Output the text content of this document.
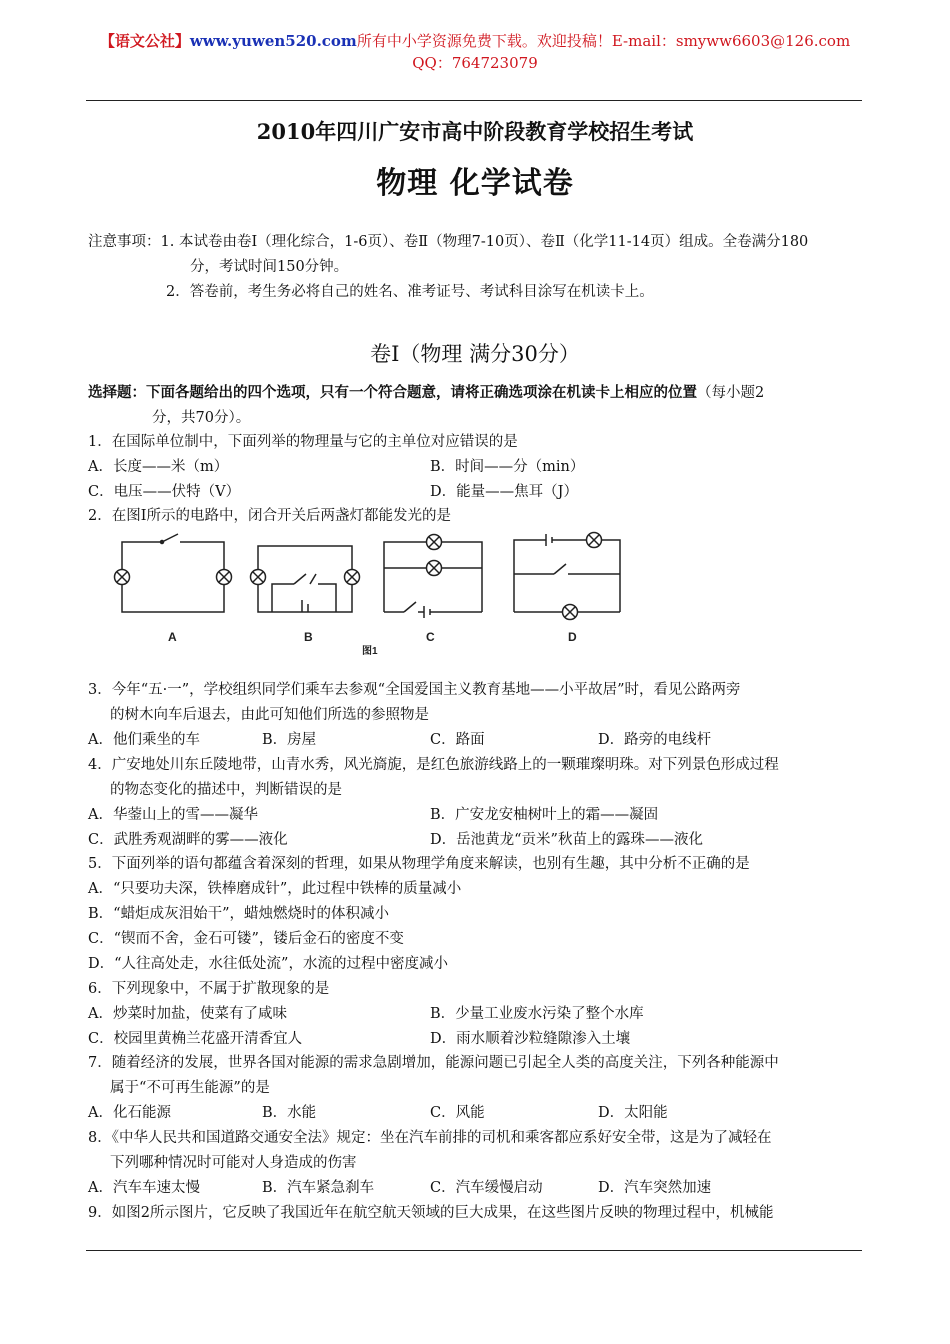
【语文公社】www.yuwen520.com所有中小学资源免费下载。欢迎投稿！E-mail：smyww6603@126.com
QQ：764723079
2010年四川广安市高中阶段教育学校招生考试
物理 化学试卷
注意事项：1. 本试卷由卷Ⅰ（理化综合，1-6页）、卷Ⅱ（物理7-10页）、卷Ⅱ（化学11-14页）组成。全卷满分180
分，考试时间150分钟。
2．答卷前，考生务必将自己的姓名、准考证号、考试科目涂写在机读卡上。
卷Ⅰ（物理 满分30分）
选择题：下面各题给出的四个选项，只有一个符合题意，请将正确选项涂在机读卡上相应的位置（每小题2
分，共70分）。
1．在国际单位制中，下面列举的物理量与它的主单位对应错误的是
A．长度——米（m）	B．时间——分（min）
C．电压——伏特（V）	D．能量——焦耳（J）
2．在图Ⅰ所示的电路中，闭合开关后两盏灯都能发光的是
A	B	C	D
图1
3．今年“五·一”，学校组织同学们乘车去参观“全国爱国主义教育基地——小平故居”时，看见公路两旁
的树木向车后退去，由此可知他们所选的参照物是
A．他们乘坐的车	B．房屋	C．路面	D．路旁的电线杆
4．广安地处川东丘陵地带，山青水秀，风光旖旎，是红色旅游线路上的一颗璀璨明珠。对下列景色形成过程
的物态变化的描述中，判断错误的是
A．华蓥山上的雪——凝华	B．广安龙安柚树叶上的霜——凝固
C．武胜秀观湖畔的雾——液化	D．岳池黄龙“贡米”秋苗上的露珠——液化
5．下面列举的语句都蕴含着深刻的哲理，如果从物理学角度来解读，也别有生趣，其中分析不正确的是
A．“只要功夫深，铁棒磨成针”，此过程中铁棒的质量减小
B．“蜡炬成灰泪始干”，蜡烛燃烧时的体积减小
C．“锲而不舍，金石可镂”，镂后金石的密度不变
D．“人往高处走，水往低处流”，水流的过程中密度减小
6．下列现象中，不属于扩散现象的是
A．炒菜时加盐，使菜有了咸味	B．少量工业废水污染了整个水库
C．校园里黄桷兰花盛开清香宜人	D．雨水顺着沙粒缝隙渗入土壤
7．随着经济的发展，世界各国对能源的需求急剧增加，能源问题已引起全人类的高度关注，下列各种能源中
属于“不可再生能源”的是
A．化石能源	B．水能	C．风能	D．太阳能
8．《中华人民共和国道路交通安全法》规定：坐在汽车前排的司机和乘客都应系好安全带，这是为了减轻在
下列哪种情况时可能对人身造成的伤害
A．汽车车速太慢	B．汽车紧急刹车	C．汽车缓慢启动	D．汽车突然加速
9．如图2所示图片，它反映了我国近年在航空航天领域的巨大成果，在这些图片反映的物理过程中，机械能
